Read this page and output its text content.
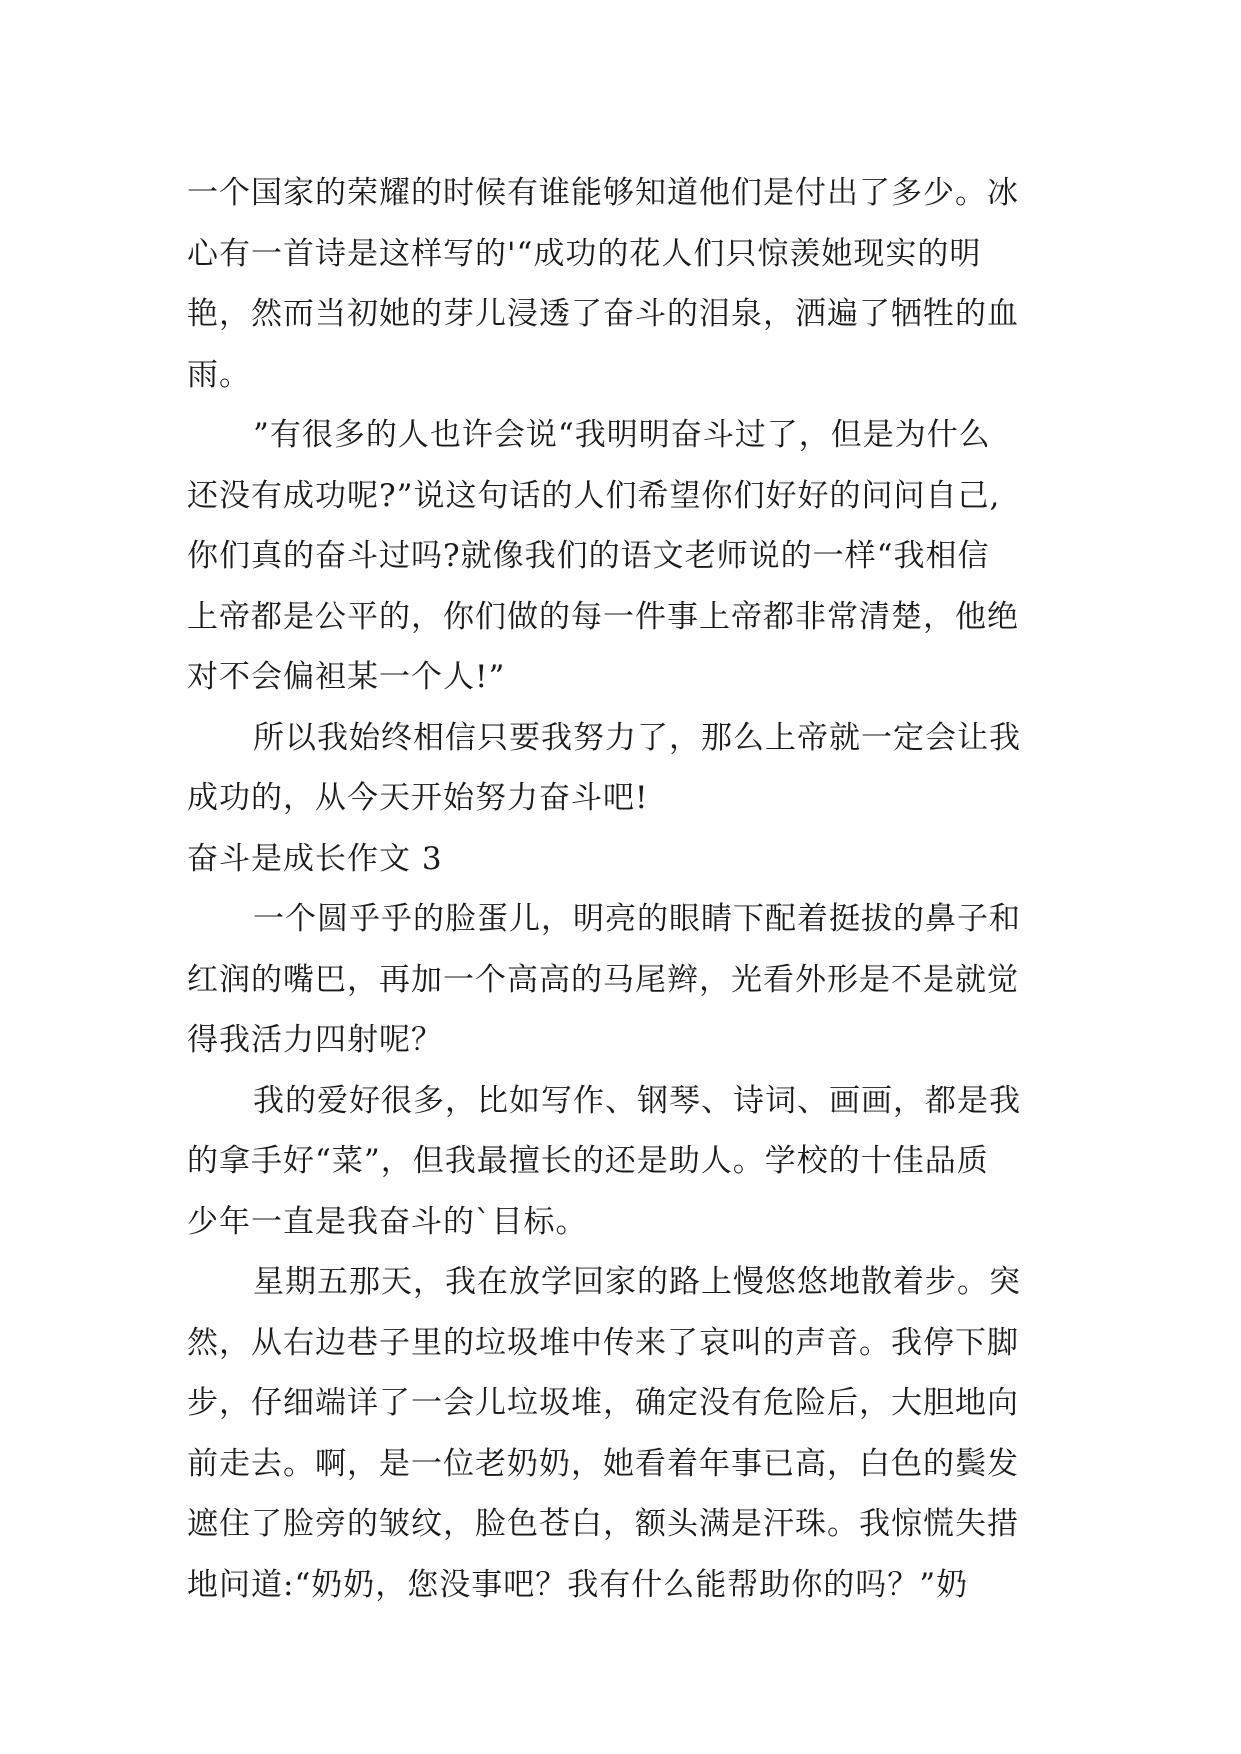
一个国家的荣耀的时候有谁能够知道他们是付出了多少。冰
心有一首诗是这样写的'“成功的花人们只惊羡她现实的明
艳，然而当初她的芽儿浸透了奋斗的泪泉，洒遍了牺牲的血
雨。
”有很多的人也许会说“我明明奋斗过了，但是为什么
还没有成功呢?”说这句话的人们希望你们好好的问问自己,
你们真的奋斗过吗?就像我们的语文老师说的一样“我相信
上帝都是公平的，你们做的每一件事上帝都非常清楚，他绝
对不会偏袒某一个人!”
所以我始终相信只要我努力了，那么上帝就一定会让我
成功的，从今天开始努力奋斗吧!
奋斗是成长作文 3
一个圆乎乎的脸蛋儿，明亮的眼睛下配着挺拔的鼻子和
红润的嘴巴，再加一个高高的马尾辫，光看外形是不是就觉
得我活力四射呢？
我的爱好很多，比如写作、钢琴、诗词、画画，都是我
的拿手好“菜”，但我最擅长的还是助人。学校的十佳品质
少年一直是我奋斗的`目标。
星期五那天，我在放学回家的路上慢悠悠地散着步。突
然，从右边巷子里的垃圾堆中传来了哀叫的声音。我停下脚
步，仔细端详了一会儿垃圾堆，确定没有危险后，大胆地向
前走去。啊，是一位老奶奶，她看着年事已高，白色的鬓发
遮住了脸旁的皱纹，脸色苍白，额头满是汗珠。我惊慌失措
地问道:“奶奶，您没事吧？我有什么能帮助你的吗？”奶
